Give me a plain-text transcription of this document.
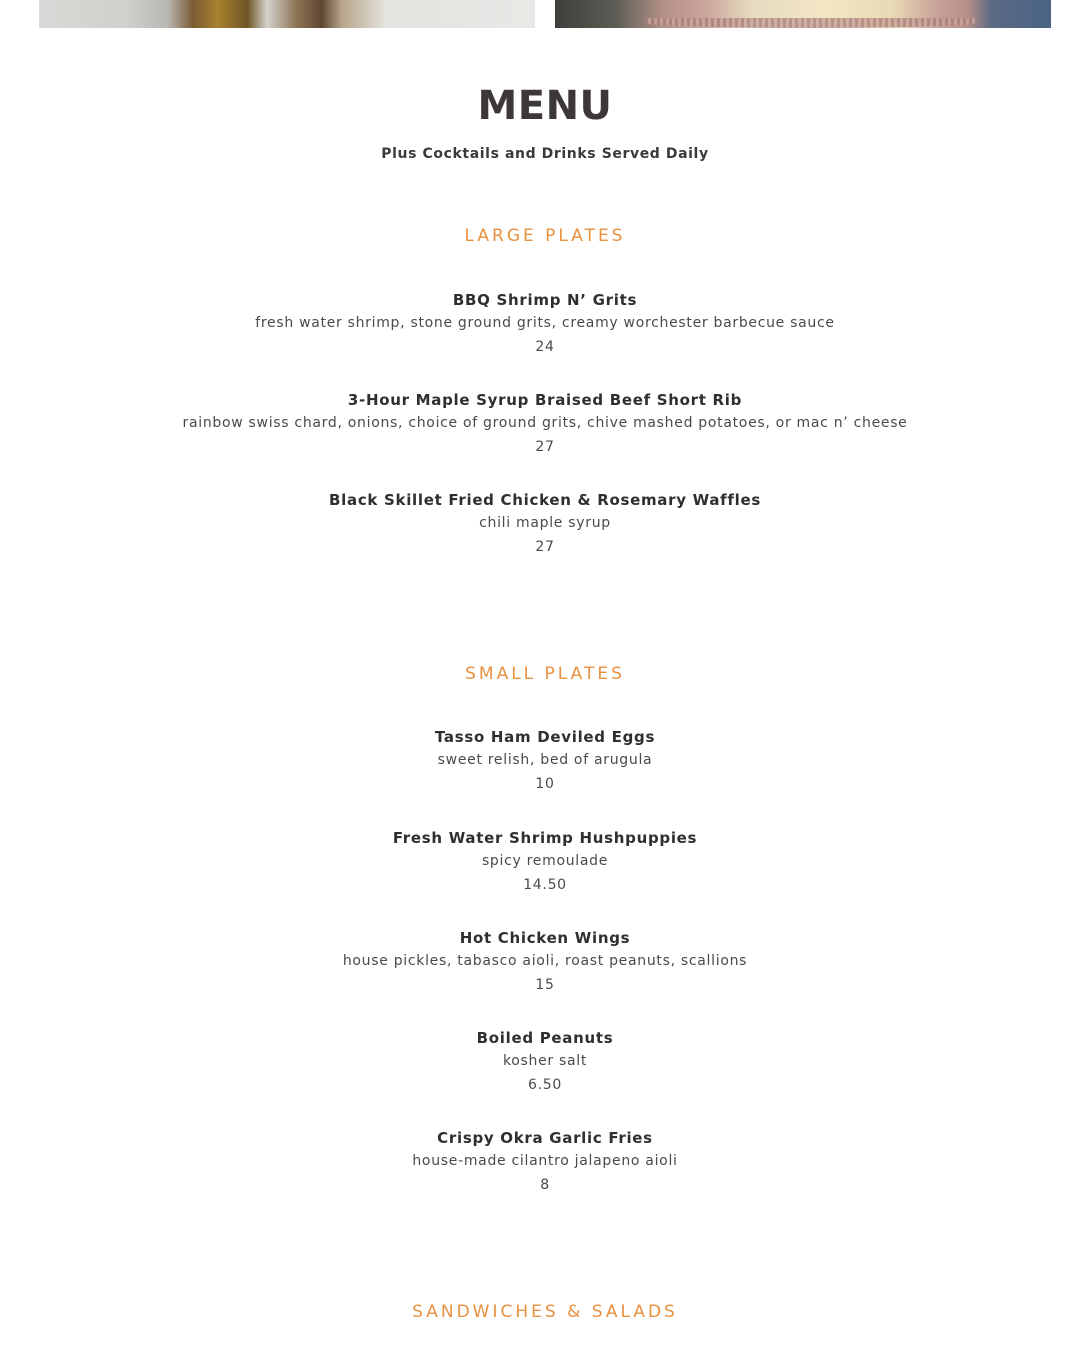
MENU

Plus Cocktails and Drinks Served Daily

LARGE PLATES
BBQ Shrimp N’ Grits
fresh water shrimp, stone ground grits, creamy worchester barbecue sauce
24
3-Hour Maple Syrup Braised Beef Short Rib
rainbow swiss chard, onions, choice of ground grits, chive mashed potatoes, or mac n’ cheese
27
Black Skillet Fried Chicken & Rosemary Waffles
chili maple syrup
27
SMALL PLATES
Tasso Ham Deviled Eggs
sweet relish, bed of arugula
10
Fresh Water Shrimp Hushpuppies
spicy remoulade
14.50
Hot Chicken Wings
house pickles, tabasco aioli, roast peanuts, scallions
15
Boiled Peanuts
kosher salt
6.50
Crispy Okra Garlic Fries
house-made cilantro jalapeno aioli
8
SANDWICHES & SALADS
